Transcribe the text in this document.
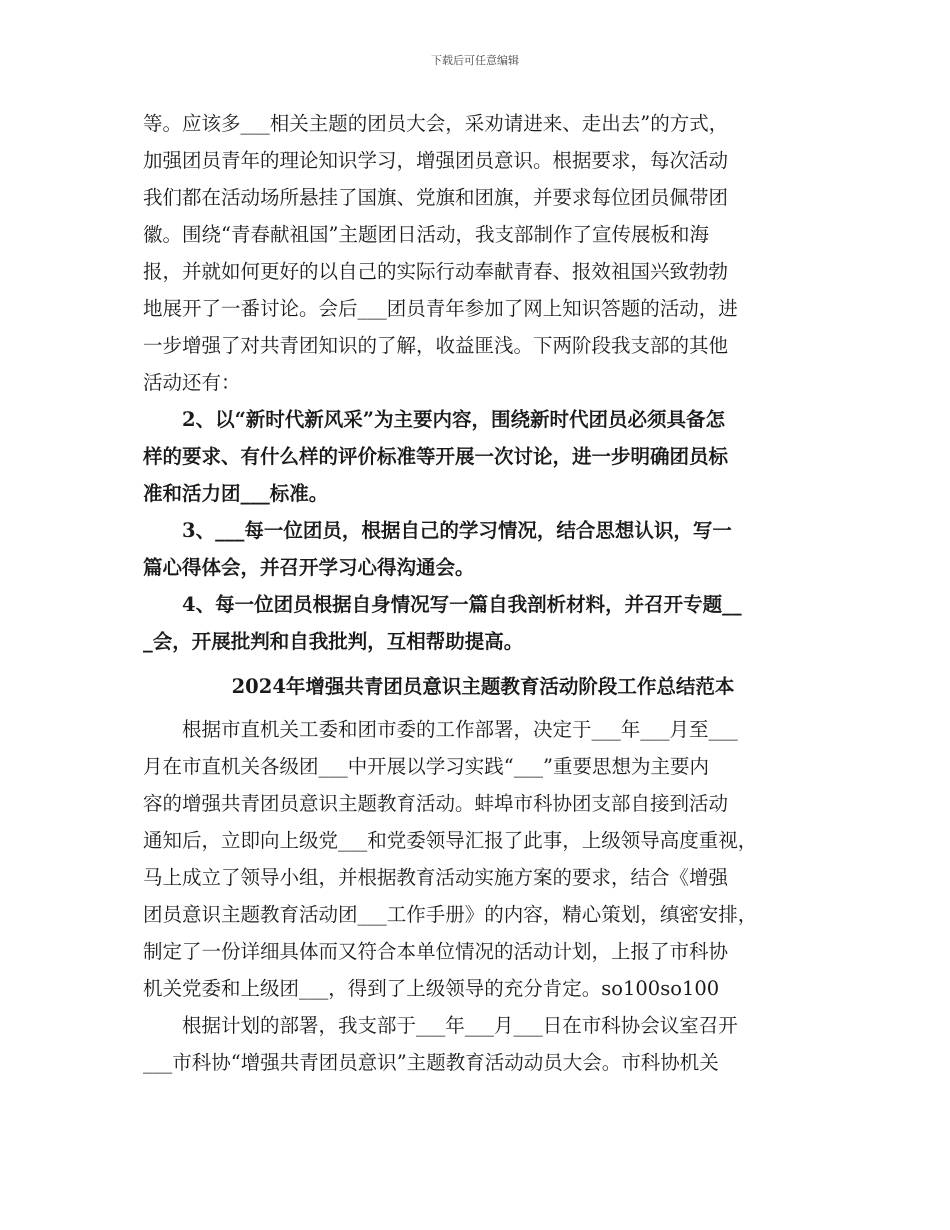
下载后可任意编辑
等。应该多___相关主题的团员大会，采劝请进来、走出去”的方式，
加强团员青年的理论知识学习，增强团员意识。根据要求，每次活动
我们都在活动场所悬挂了国旗、党旗和团旗，并要求每位团员佩带团
徽。围绕“青春献祖国”主题团日活动，我支部制作了宣传展板和海
报，并就如何更好的以自己的实际行动奉献青春、报效祖国兴致勃勃
地展开了一番讨论。会后___团员青年参加了网上知识答题的活动，进
一步增强了对共青团知识的了解，收益匪浅。下两阶段我支部的其他
活动还有：
2、以“新时代新风采”为主要内容，围绕新时代团员必须具备怎
样的要求、有什么样的评价标准等开展一次讨论，进一步明确团员标
准和活力团___标准。
3、___每一位团员，根据自己的学习情况，结合思想认识，写一
篇心得体会，并召开学习心得沟通会。
4、每一位团员根据自身情况写一篇自我剖析材料，并召开专题__
_会，开展批判和自我批判，互相帮助提高。
2024年增强共青团员意识主题教育活动阶段工作总结范本
根据市直机关工委和团市委的工作部署，决定于___年___月至___
月在市直机关各级团___中开展以学习实践“___”重要思想为主要内
容的增强共青团员意识主题教育活动。蚌埠市科协团支部自接到活动
通知后，立即向上级党___和党委领导汇报了此事，上级领导高度重视，
马上成立了领导小组，并根据教育活动实施方案的要求，结合《增强
团员意识主题教育活动团___工作手册》的内容，精心策划，缜密安排，
制定了一份详细具体而又符合本单位情况的活动计划，上报了市科协
机关党委和上级团___，得到了上级领导的充分肯定。so100so100
根据计划的部署，我支部于___年___月___日在市科协会议室召开
___市科协“增强共青团员意识”主题教育活动动员大会。市科协机关
